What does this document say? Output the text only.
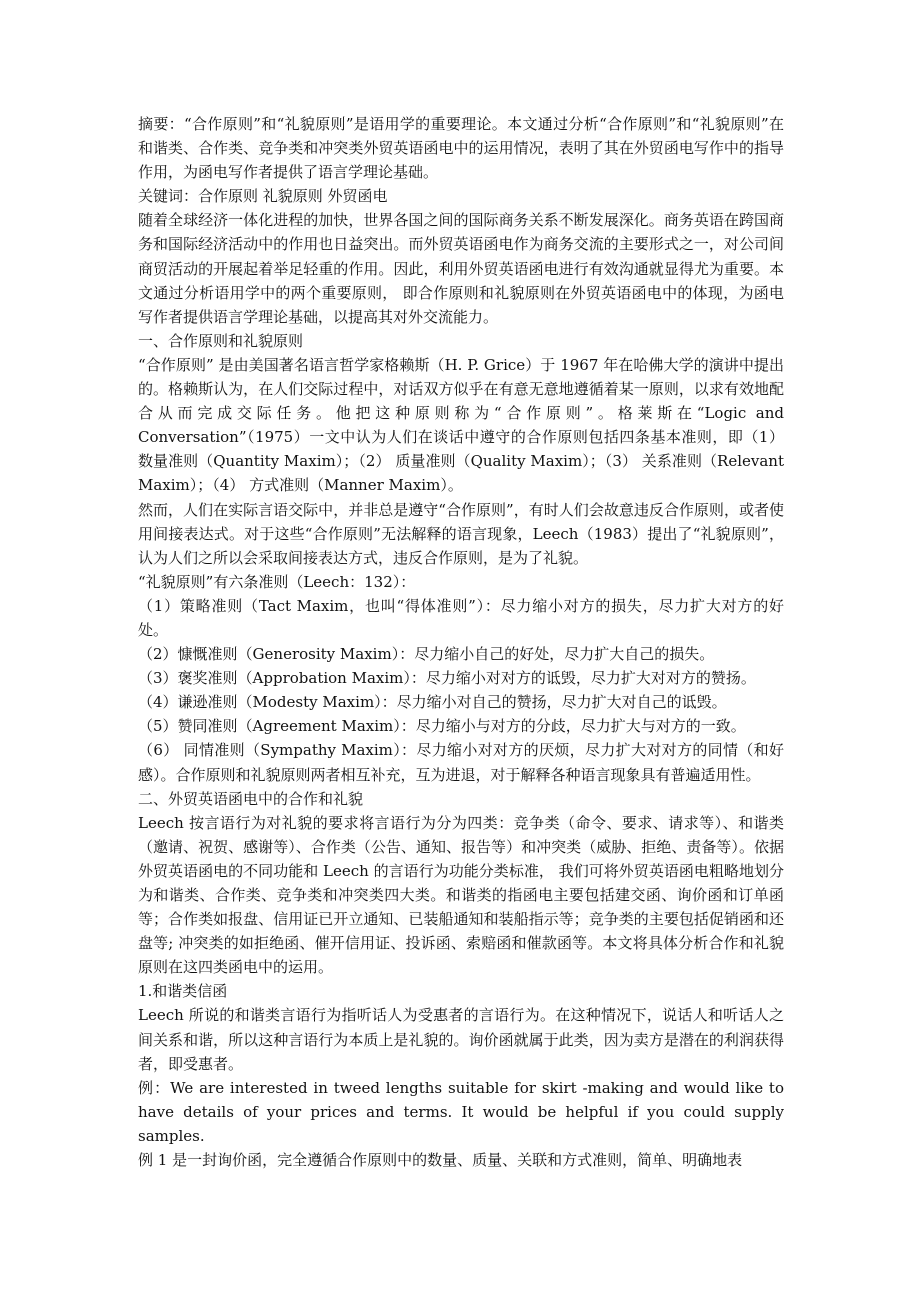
摘要：“合作原则”和“礼貌原则”是语用学的重要理论。本文通过分析“合作原则”和“礼貌原则”在和谐类、合作类、竞争类和冲突类外贸英语函电中的运用情况，表明了其在外贸函电写作中的指导作用，为函电写作者提供了语言学理论基础。

关键词：合作原则 礼貌原则 外贸函电

随着全球经济一体化进程的加快，世界各国之间的国际商务关系不断发展深化。商务英语在跨国商务和国际经济活动中的作用也日益突出。而外贸英语函电作为商务交流的主要形式之一，对公司间商贸活动的开展起着举足轻重的作用。因此，利用外贸英语函电进行有效沟通就显得尤为重要。本文通过分析语用学中的两个重要原则， 即合作原则和礼貌原则在外贸英语函电中的体现，为函电写作者提供语言学理论基础，以提高其对外交流能力。

一、合作原则和礼貌原则

“合作原则” 是由美国著名语言哲学家格赖斯（H. P. Grice）于 1967 年在哈佛大学的演讲中提出的。格赖斯认为，在人们交际过程中，对话双方似乎在有意无意地遵循着某一原则，以求有效地配合从而完成交际任务。他把这种原则称为“合作原则”。格莱斯在“Logic and Conversation”（1975）一文中认为人们在谈话中遵守的合作原则包括四条基本准则，即（1） 数量准则（Quantity Maxim）；（2） 质量准则（Quality Maxim）；（3） 关系准则（Relevant Maxim）；（4） 方式准则（Manner Maxim）。

然而，人们在实际言语交际中，并非总是遵守“合作原则”，有时人们会故意违反合作原则，或者使用间接表达式。对于这些“合作原则”无法解释的语言现象，Leech（1983）提出了“礼貌原则”，认为人们之所以会采取间接表达方式，违反合作原则，是为了礼貌。

“礼貌原则”有六条准则（Leech：132）：

（1）策略准则（Tact Maxim，也叫“得体准则”）：尽力缩小对方的损失，尽力扩大对方的好处。

（2）慷慨准则（Generosity Maxim）：尽力缩小自己的好处，尽力扩大自己的损失。

（3）褒奖准则（Approbation Maxim）：尽力缩小对对方的诋毁，尽力扩大对对方的赞扬。

（4）谦逊准则（Modesty Maxim）：尽力缩小对自己的赞扬，尽力扩大对自己的诋毁。

（5）赞同准则（Agreement Maxim）：尽力缩小与对方的分歧，尽力扩大与对方的一致。

（6） 同情准则（Sympathy Maxim）：尽力缩小对对方的厌烦，尽力扩大对对方的同情（和好感）。合作原则和礼貌原则两者相互补充，互为进退，对于解释各种语言现象具有普遍适用性。

二、外贸英语函电中的合作和礼貌

Leech 按言语行为对礼貌的要求将言语行为分为四类：竞争类（命令、要求、请求等）、和谐类（邀请、祝贺、感谢等）、合作类（公告、通知、报告等）和冲突类（威胁、拒绝、责备等）。依据外贸英语函电的不同功能和 Leech 的言语行为功能分类标准， 我们可将外贸英语函电粗略地划分为和谐类、合作类、竞争类和冲突类四大类。和谐类的指函电主要包括建交函、询价函和订单函等；合作类如报盘、信用证已开立通知、已装船通知和装船指示等；竞争类的主要包括促销函和还盘等; 冲突类的如拒绝函、催开信用证、投诉函、索赔函和催款函等。本文将具体分析合作和礼貌原则在这四类函电中的运用。

1.和谐类信函

Leech 所说的和谐类言语行为指听话人为受惠者的言语行为。在这种情况下，说话人和听话人之间关系和谐，所以这种言语行为本质上是礼貌的。询价函就属于此类，因为卖方是潜在的利润获得者，即受惠者。

例：We are interested in tweed lengths suitable for skirt -making and would like to have details of your prices and terms. It would be helpful if you could supply samples.

例 1 是一封询价函，完全遵循合作原则中的数量、质量、关联和方式准则，简单、明确地表
